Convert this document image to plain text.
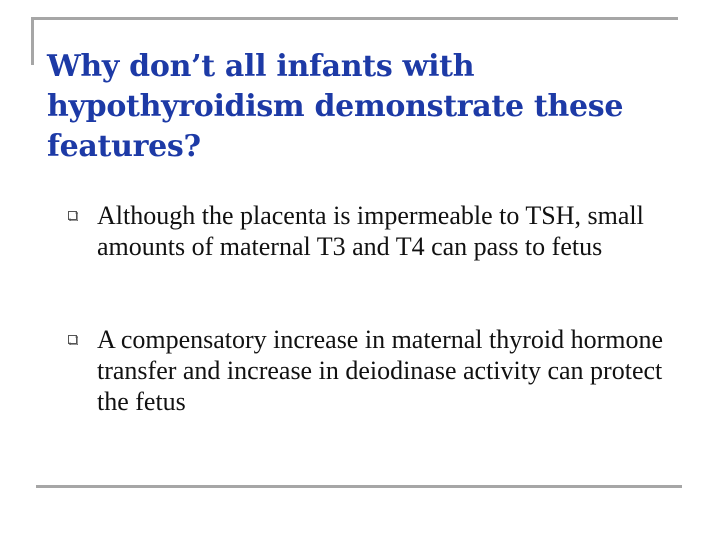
Why don’t all infants with hypothyroidism demonstrate these features?
Although the placenta is impermeable to TSH, small amounts of maternal T3 and T4 can pass to fetus
A compensatory increase in maternal thyroid hormone transfer and increase in deiodinase activity can protect the fetus
